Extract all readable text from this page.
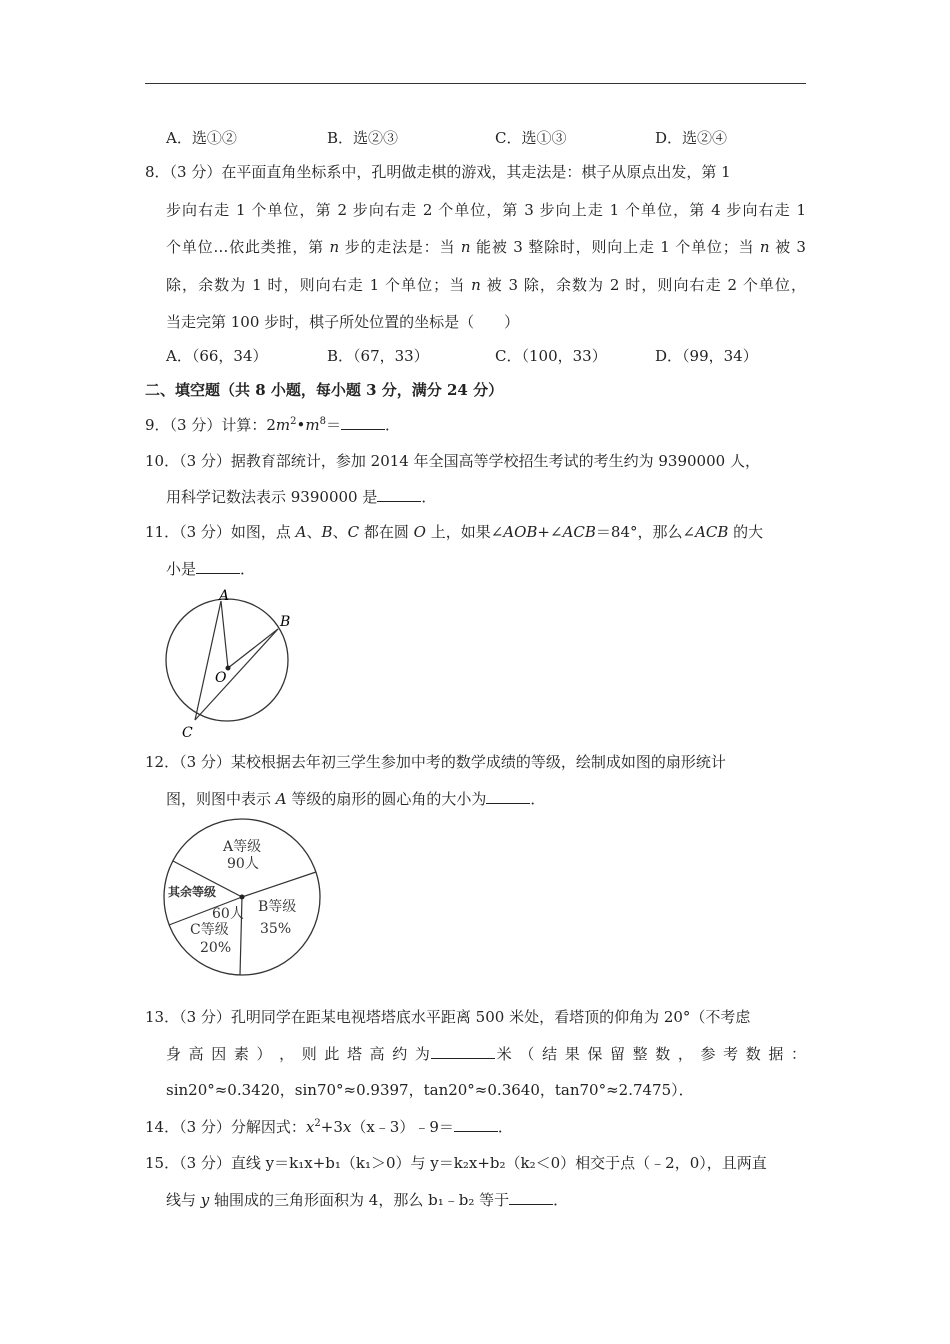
A．选①②	B．选②③	C．选①③	D．选②④
8．（3 分）在平面直角坐标系中，孔明做走棋的游戏，其走法是：棋子从原点出发，第 1
步向右走 1 个单位，第 2 步向右走 2 个单位，第 3 步向上走 1 个单位，第 4 步向右走 1
个单位…依此类推，第 n 步的走法是：当 n 能被 3 整除时，则向上走 1 个单位；当 n 被 3
除，余数为 1 时，则向右走 1 个单位；当 n 被 3 除，余数为 2 时，则向右走 2 个单位，
当走完第 100 步时，棋子所处位置的坐标是（　　）
A．（66，34）	B．（67，33）	C．（100，33）	D．（99，34）
二、填空题（共 8 小题，每小题 3 分，满分 24 分）
9．（3 分）计算：$2m^2•m^8=$	．
10．（3 分）据教育部统计，参加 2014 年全国高等学校招生考试的考生约为 9390000 人，
用科学记数法表示 9390000 是	．
11．（3 分）如图，点 A、B、C 都在圆 O 上，如果∠AOB+∠ACB＝84°，那么∠ACB 的大
小是	．
A
B
O
C
12．（3 分）某校根据去年初三学生参加中考的数学成绩的等级，绘制成如图的扇形统计
图，则图中表示 A 等级的扇形的圆心角的大小为	．
A等级
90人
其余等级
60人 B等级
35%
C等级
20%
13．（3 分）孔明同学在距某电视塔塔底水平距离 500 米处，看塔顶的仰角为 20°（不考虑
身 高 因 素 ） ， 则 此 塔 高 约 为	米 （ 结 果 保 留 整 数 ， 参 考 数 据 ：
sin20°≈0.3420，sin70°≈0.9397，tan20°≈0.3640，tan70°≈2.7475）．
14．（3 分）分解因式：$x^2+3x(x﹣3)﹣9=$	．
15．（3 分）直线 y＝k₁x+b₁（k₁＞0）与 y＝k₂x+b₂（k₂＜0）相交于点（﹣2，0），且两直
线与 y 轴围成的三角形面积为 4，那么 b₁﹣b₂ 等于	．
